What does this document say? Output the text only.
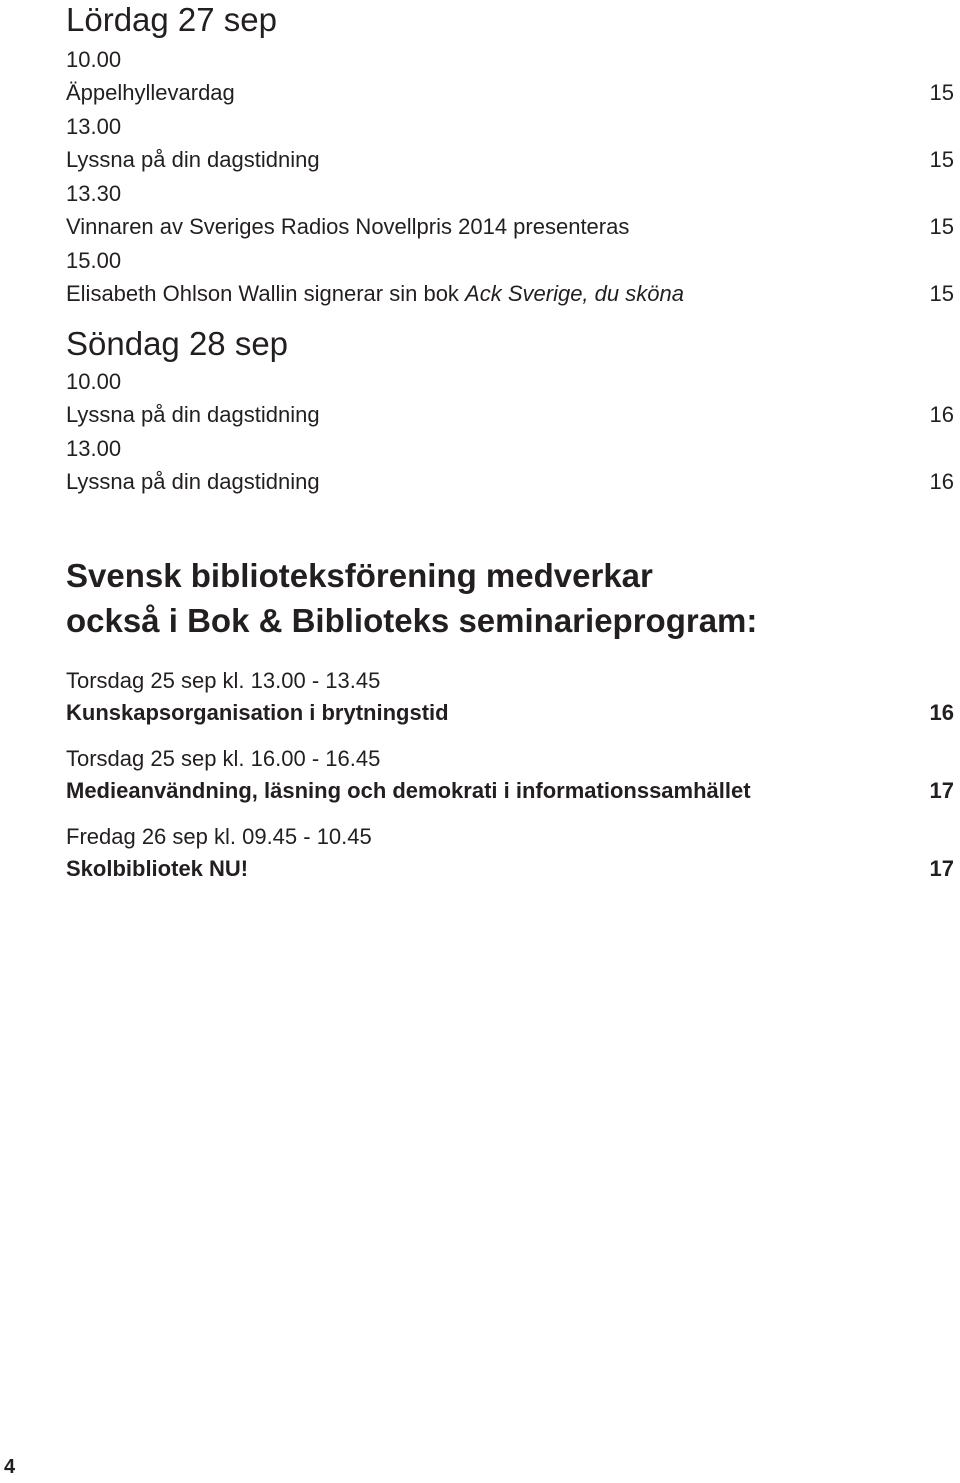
Lördag 27 sep
10.00
Äppelhyllevardag	15
13.00
Lyssna på din dagstidning	15
13.30
Vinnaren av Sveriges Radios Novellpris 2014 presenteras	15
15.00
Elisabeth Ohlson Wallin signerar sin bok Ack Sverige, du sköna	15
Söndag 28 sep
10.00
Lyssna på din dagstidning	16
13.00
Lyssna på din dagstidning	16
Svensk biblioteksförening medverkar
också i Bok & Biblioteks seminarieprogram:
Torsdag 25 sep kl. 13.00 - 13.45
Kunskapsorganisation i brytningstid	16
Torsdag 25 sep kl. 16.00 - 16.45
Medieanvändning, läsning och demokrati i informationssamhället	17
Fredag 26 sep kl. 09.45 - 10.45
Skolbibliotek NU!	17
4
